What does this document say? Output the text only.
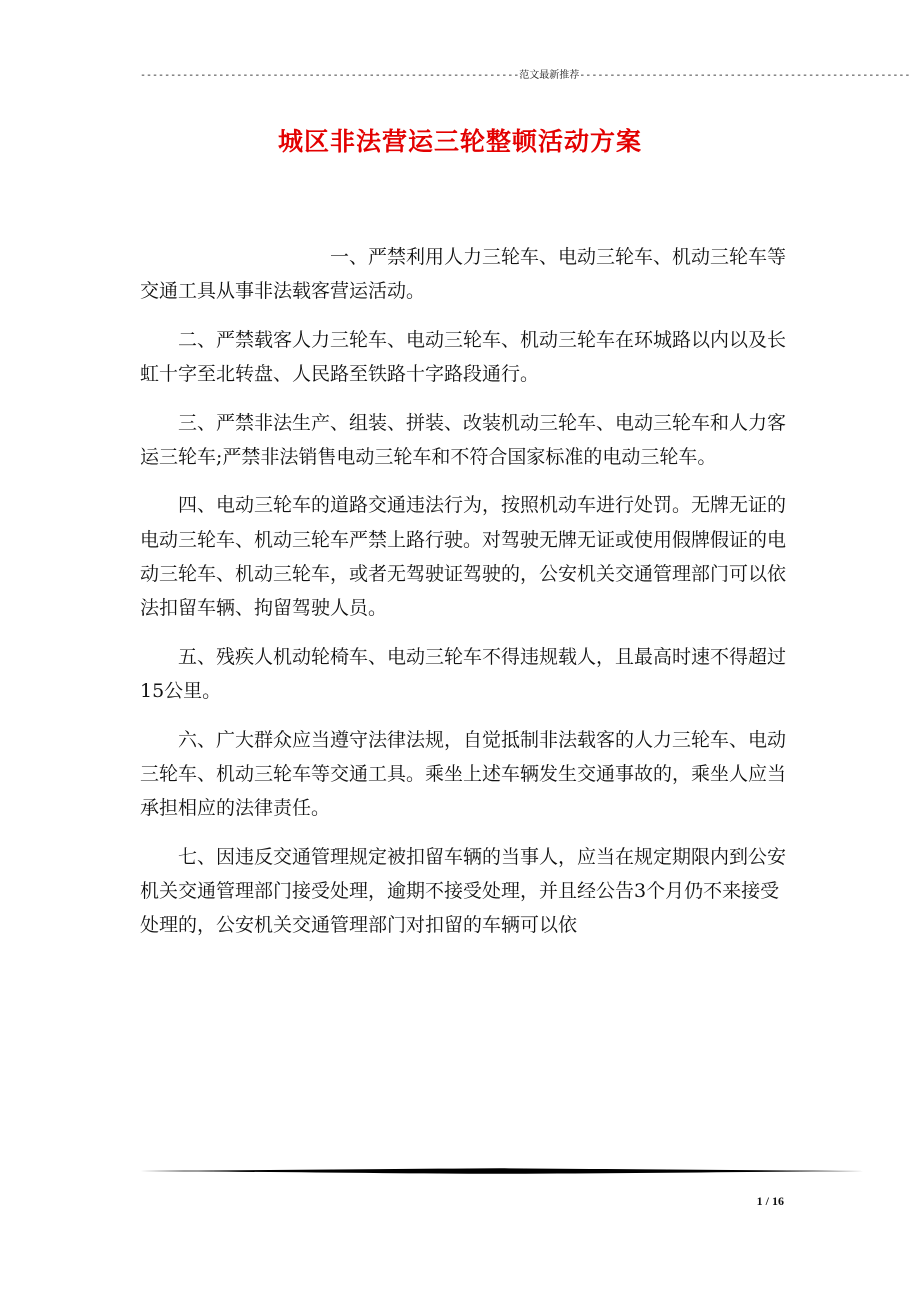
---------------------------------------------------------------范文最新推荐-------------------------------------------------------
城区非法营运三轮整顿活动方案

一、严禁利用人力三轮车、电动三轮车、机动三轮车等交通工具从事非法载客营运活动。

二、严禁载客人力三轮车、电动三轮车、机动三轮车在环城路以内以及长虹十字至北转盘、人民路至铁路十字路段通行。

三、严禁非法生产、组装、拼装、改装机动三轮车、电动三轮车和人力客运三轮车;严禁非法销售电动三轮车和不符合国家标准的电动三轮车。

四、电动三轮车的道路交通违法行为，按照机动车进行处罚。无牌无证的电动三轮车、机动三轮车严禁上路行驶。对驾驶无牌无证或使用假牌假证的电动三轮车、机动三轮车，或者无驾驶证驾驶的，公安机关交通管理部门可以依法扣留车辆、拘留驾驶人员。

五、残疾人机动轮椅车、电动三轮车不得违规载人，且最高时速不得超过15公里。

六、广大群众应当遵守法律法规，自觉抵制非法载客的人力三轮车、电动三轮车、机动三轮车等交通工具。乘坐上述车辆发生交通事故的，乘坐人应当承担相应的法律责任。

七、因违反交通管理规定被扣留车辆的当事人，应当在规定期限内到公安机关交通管理部门接受处理，逾期不接受处理，并且经公告3个月仍不来接受处理的，公安机关交通管理部门对扣留的车辆可以依

1 / 16
